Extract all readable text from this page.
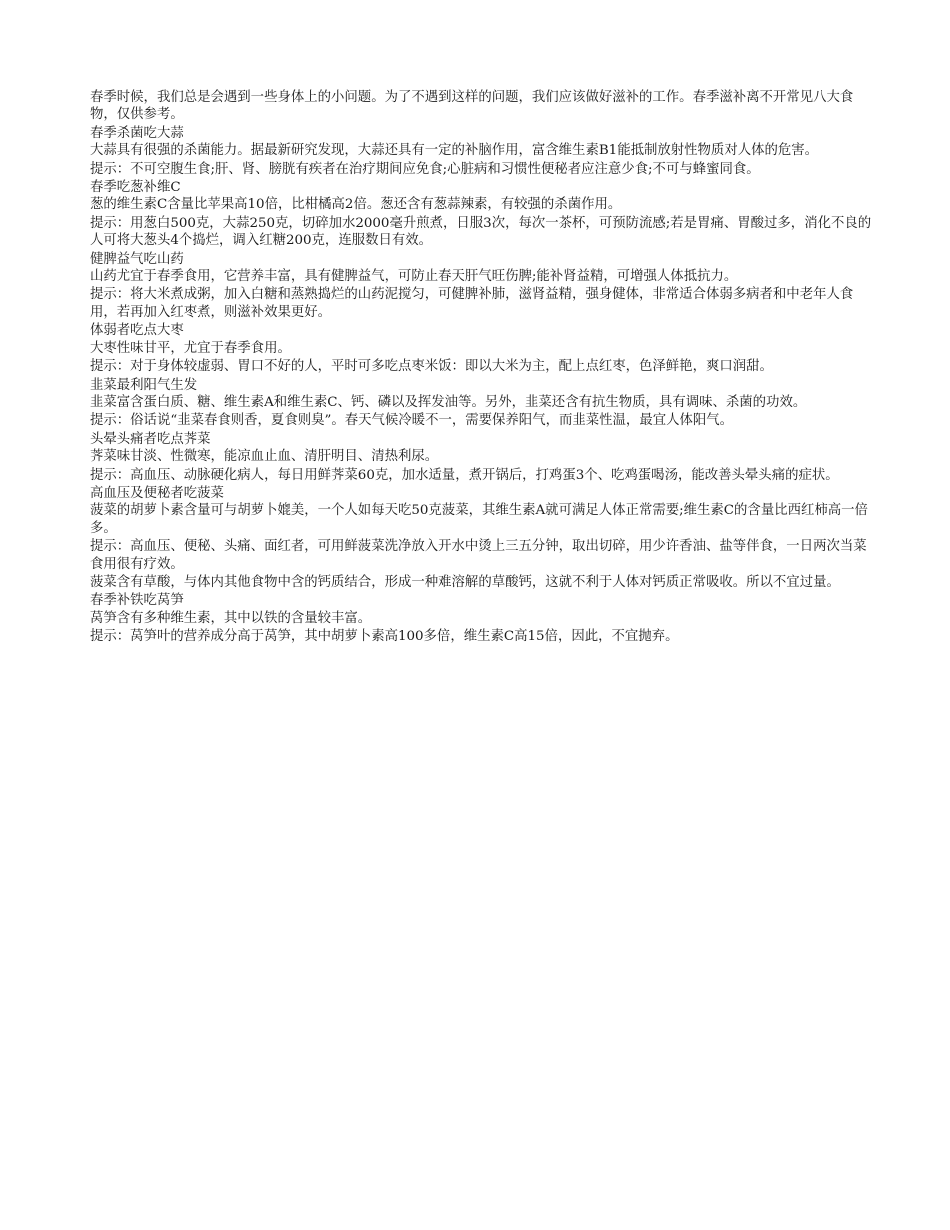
春季时候，我们总是会遇到一些身体上的小问题。为了不遇到这样的问题，我们应该做好滋补的工作。春季滋补离不开常见八大食物，仅供参考。

春季杀菌吃大蒜

大蒜具有很强的杀菌能力。据最新研究发现，大蒜还具有一定的补脑作用，富含维生素B1能抵制放射性物质对人体的危害。

提示：不可空腹生食;肝、肾、膀胱有疾者在治疗期间应免食;心脏病和习惯性便秘者应注意少食;不可与蜂蜜同食。

春季吃葱补维C

葱的维生素C含量比苹果高10倍，比柑橘高2倍。葱还含有葱蒜辣素，有较强的杀菌作用。

提示：用葱白500克，大蒜250克，切碎加水2000毫升煎煮，日服3次，每次一茶杯，可预防流感;若是胃痛、胃酸过多，消化不良的人可将大葱头4个捣烂，调入红糖200克，连服数日有效。

健脾益气吃山药

山药尤宜于春季食用，它营养丰富，具有健脾益气，可防止春天肝气旺伤脾;能补肾益精，可增强人体抵抗力。

提示：将大米煮成粥，加入白糖和蒸熟捣烂的山药泥搅匀，可健脾补肺，滋肾益精，强身健体，非常适合体弱多病者和中老年人食用，若再加入红枣煮，则滋补效果更好。

体弱者吃点大枣

大枣性味甘平，尤宜于春季食用。

提示：对于身体较虚弱、胃口不好的人，平时可多吃点枣米饭：即以大米为主，配上点红枣，色泽鲜艳，爽口润甜。

韭菜最利阳气生发

韭菜富含蛋白质、糖、维生素A和维生素C、钙、磷以及挥发油等。另外，韭菜还含有抗生物质，具有调味、杀菌的功效。

提示：俗话说“韭菜春食则香，夏食则臭”。春天气候冷暖不一，需要保养阳气，而韭菜性温，最宜人体阳气。

头晕头痛者吃点荠菜

荠菜味甘淡、性微寒，能凉血止血、清肝明目、清热利尿。

提示：高血压、动脉硬化病人，每日用鲜荠菜60克，加水适量，煮开锅后，打鸡蛋3个、吃鸡蛋喝汤，能改善头晕头痛的症状。

高血压及便秘者吃菠菜

菠菜的胡萝卜素含量可与胡萝卜媲美，一个人如每天吃50克菠菜，其维生素A就可满足人体正常需要;维生素C的含量比西红柿高一倍多。

提示：高血压、便秘、头痛、面红者，可用鲜菠菜洗净放入开水中烫上三五分钟，取出切碎，用少许香油、盐等伴食，一日两次当菜食用很有疗效。

菠菜含有草酸，与体内其他食物中含的钙质结合，形成一种难溶解的草酸钙，这就不利于人体对钙质正常吸收。所以不宜过量。

春季补铁吃莴笋

莴笋含有多种维生素，其中以铁的含量较丰富。

提示：莴笋叶的营养成分高于莴笋，其中胡萝卜素高100多倍，维生素C高15倍，因此，不宜抛弃。
